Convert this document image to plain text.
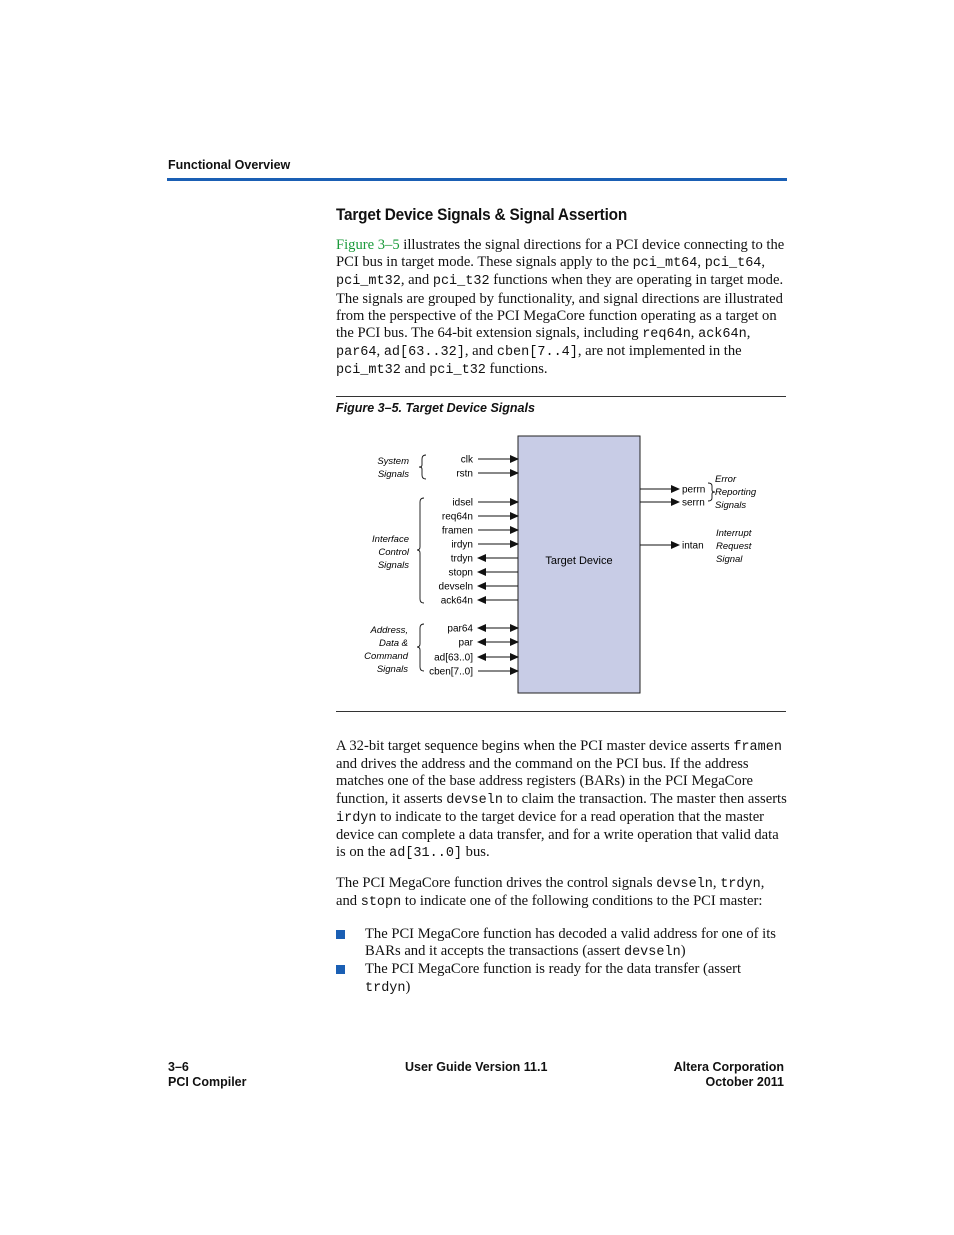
Functional Overview
Target Device Signals & Signal Assertion

Figure 3–5 illustrates the signal directions for a PCI device connecting to the PCI bus in target mode. These signals apply to the pci_mt64, pci_t64, pci_mt32, and pci_t32 functions when they are operating in target mode. The signals are grouped by functionality, and signal directions are illustrated from the perspective of the PCI MegaCore function operating as a target on the PCI bus. The 64-bit extension signals, including req64n, ack64n, par64, ad[63..32], and cben[7..4], are not implemented in the pci_mt32 and pci_t32 functions.

Figure 3–5. Target Device Signals
Target Device
clk
rstn
idsel
req64n
framen
irdyn
trdyn
stopn
devseln
ack64n
par64
par
ad[63..0]
cben[7..0]
perrn
serrn
intan
System
Signals
Interface
Control
Signals
Address,
Data &
Command
Signals
Error
Reporting
Signals
Interrupt
Request
Signal

A 32-bit target sequence begins when the PCI master device asserts framen and drives the address and the command on the PCI bus. If the address matches one of the base address registers (BARs) in the PCI MegaCore function, it asserts devseln to claim the transaction. The master then asserts irdyn to indicate to the target device for a read operation that the master device can complete a data transfer, and for a write operation that valid data is on the ad[31..0] bus.

The PCI MegaCore function drives the control signals devseln, trdyn, and stopn to indicate one of the following conditions to the PCI master:

The PCI MegaCore function has decoded a valid address for one of its BARs and it accepts the transactions (assert devseln)
The PCI MegaCore function is ready for the data transfer (assert trdyn)
3–6
PCI Compiler
User Guide Version 11.1	Altera Corporation
October 2011
